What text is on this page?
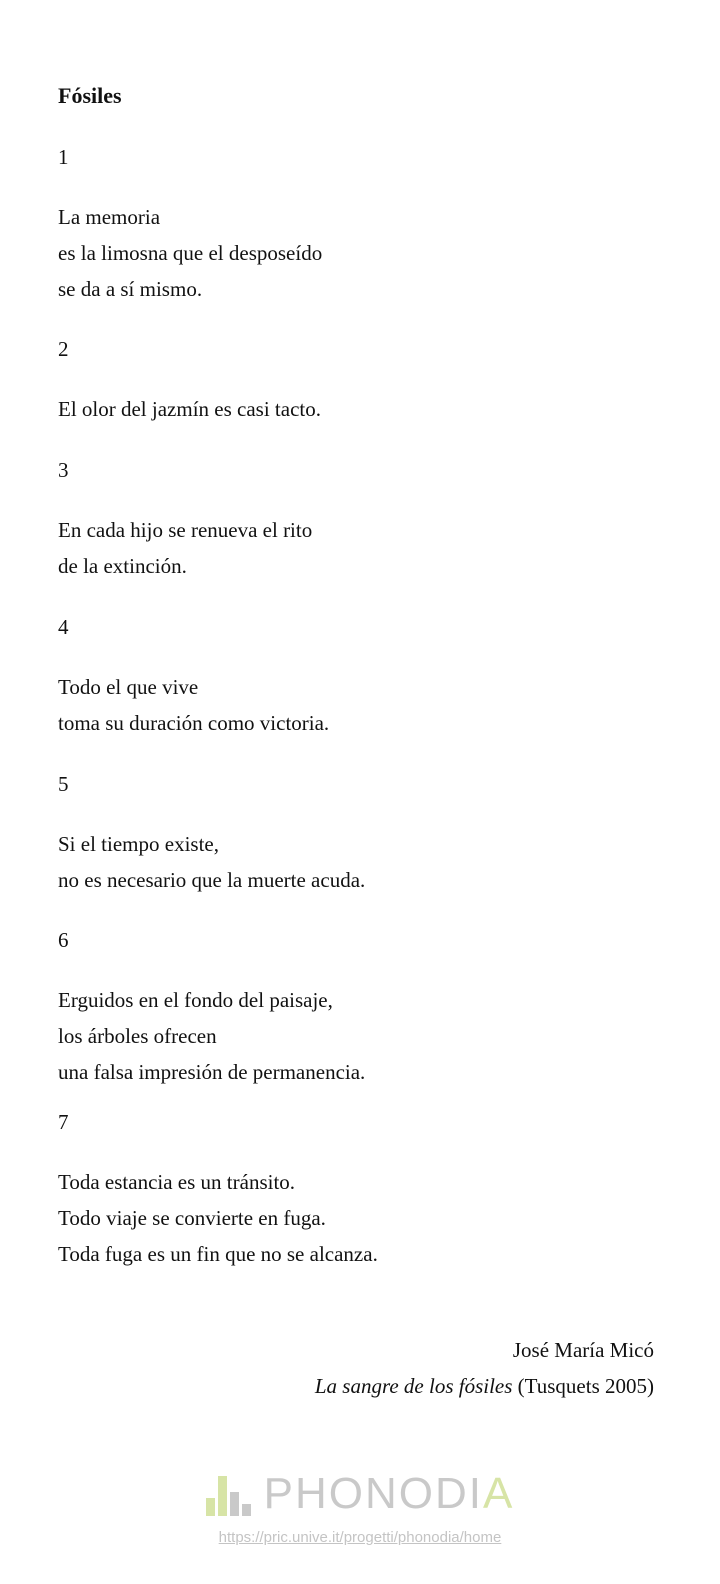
Fósiles
1
La memoria
es la limosna que el desposeído
se da a sí mismo.
2
El olor del jazmín es casi tacto.
3
En cada hijo se renueva el rito
de la extinción.
4
Todo el que vive
toma su duración como victoria.
5
Si el tiempo existe,
no es necesario que la muerte acuda.
6
Erguidos en el fondo del paisaje,
los árboles ofrecen
una falsa impresión de permanencia.
7
Toda estancia es un tránsito.
Todo viaje se convierte en fuga.
Toda fuga es un fin que no se alcanza.
José María Micó
La sangre de los fósiles (Tusquets 2005)
PHONODIA
https://pric.unive.it/progetti/phonodia/home
